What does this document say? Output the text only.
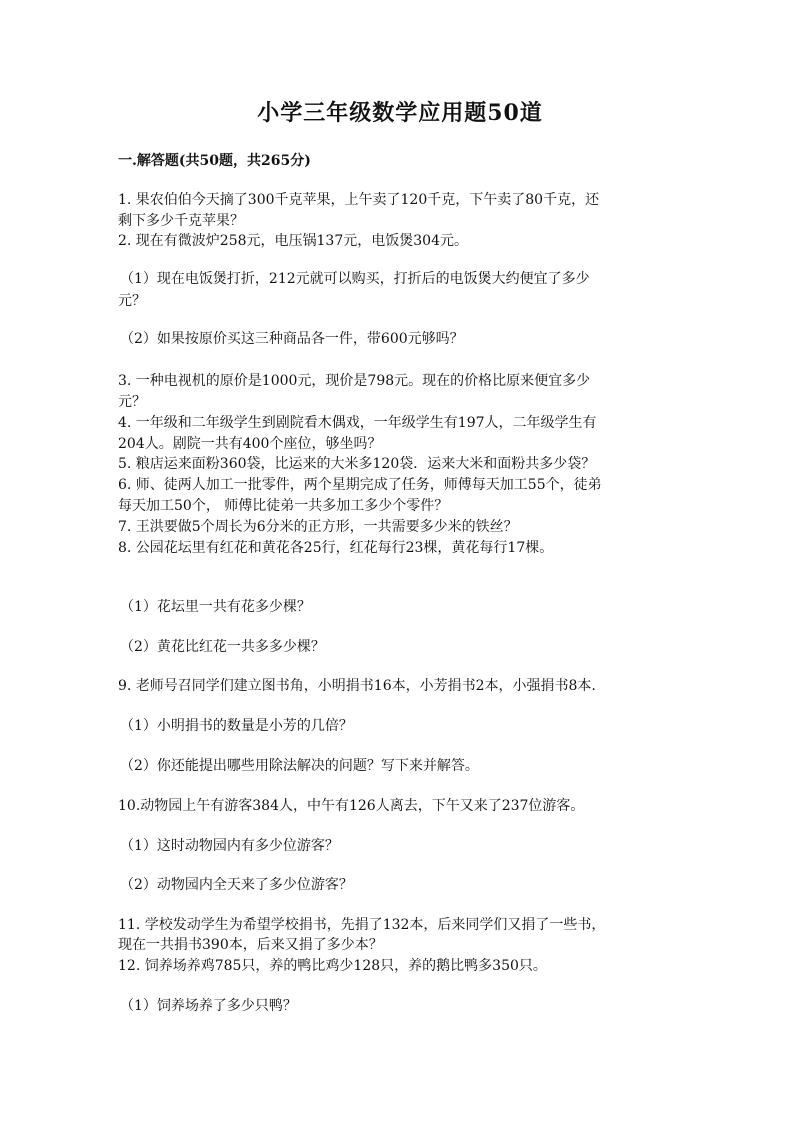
小学三年级数学应用题50道
一.解答题(共50题，共265分)
1. 果农伯伯今天摘了300千克苹果，上午卖了120千克，下午卖了80千克，还
剩下多少千克苹果？
2. 现在有微波炉258元，电压锅137元，电饭煲304元。
（1）现在电饭煲打折，212元就可以购买，打折后的电饭煲大约便宜了多少
元？
（2）如果按原价买这三种商品各一件，带600元够吗？
3. 一种电视机的原价是1000元，现价是798元。现在的价格比原来便宜多少
元？
4. 一年级和二年级学生到剧院看木偶戏，一年级学生有197人，二年级学生有
204人。剧院一共有400个座位，够坐吗？
5. 粮店运来面粉360袋，比运来的大米多120袋．运来大米和面粉共多少袋？
6. 师、徒两人加工一批零件，两个星期完成了任务，师傅每天加工55个，徒弟
每天加工50个， 师傅比徒弟一共多加工多少个零件？
7. 王洪要做5个周长为6分米的正方形，一共需要多少米的铁丝？
8. 公园花坛里有红花和黄花各25行，红花每行23棵，黄花每行17棵。
（1）花坛里一共有花多少棵？
（2）黄花比红花一共多多少棵？
9. 老师号召同学们建立图书角，小明捐书16本，小芳捐书2本，小强捐书8本.
（1）小明捐书的数量是小芳的几倍？
（2）你还能提出哪些用除法解决的问题？写下来并解答。
10.动物园上午有游客384人，中午有126人离去，下午又来了237位游客。
（1）这时动物园内有多少位游客？
（2）动物园内全天来了多少位游客？
11. 学校发动学生为希望学校捐书，先捐了132本，后来同学们又捐了一些书，
现在一共捐书390本，后来又捐了多少本？
12. 饲养场养鸡785只，养的鸭比鸡少128只，养的鹅比鸭多350只。
（1）饲养场养了多少只鸭？
